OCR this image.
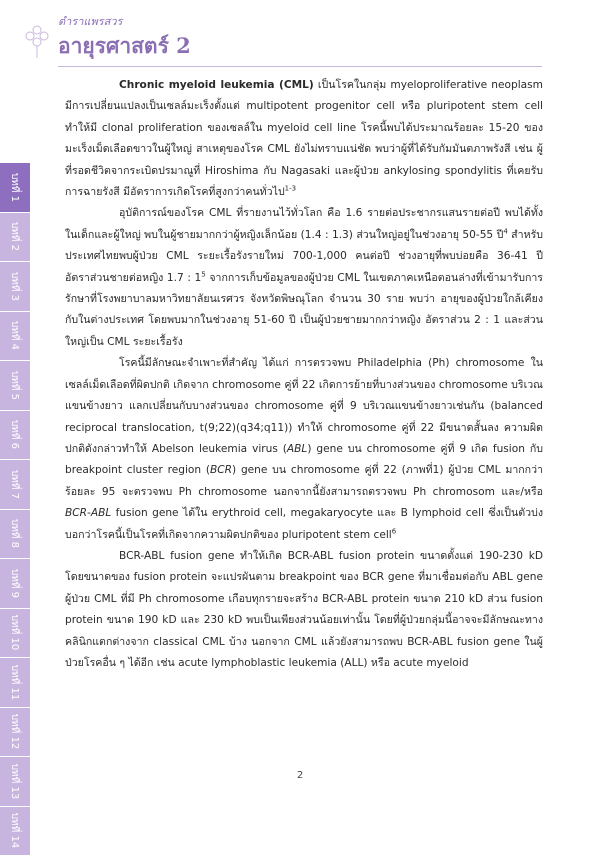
ตำราแพรสวร
อายุรศาสตร์ 2
บทที่ 1
บทที่ 2
บทที่ 3
บทที่ 4
บทที่ 5
บทที่ 6
บทที่ 7
บทที่ 8
บทที่ 9
บทที่ 10
บทที่ 11
บทที่ 12
บทที่ 13
บทที่ 14

Chronic myeloid leukemia (CML) เป็นโรคในกลุ่ม myeloproliferative neoplasm มีการเปลี่ยนแปลงเป็นเซลล์มะเร็งตั้งแต่ multipotent progenitor cell หรือ pluripotent stem cell ทำให้มี clonal proliferation ของเซลล์ใน myeloid cell line โรคนี้พบได้ประมาณร้อยละ 15-20 ของมะเร็งเม็ดเลือดขาวในผู้ใหญ่ สาเหตุของโรค CML ยังไม่ทราบแน่ชัด พบว่าผู้ที่ได้รับกัมมันตภาพรังสี เช่น ผู้ที่รอดชีวิตจากระเบิดปรมาณูที่ Hiroshima กับ Nagasaki และผู้ป่วย ankylosing spondylitis ที่เคยรับการฉายรังสี มีอัตราการเกิดโรคที่สูงกว่าคนทั่วไป$^{1-3}$

อุบัติการณ์ของโรค CML ที่รายงานไว้ทั่วโลก คือ 1.6 รายต่อประชากรแสนรายต่อปี พบได้ทั้งในเด็กและผู้ใหญ่ พบในผู้ชายมากกว่าผู้หญิงเล็กน้อย (1.4 : 1.3) ส่วนใหญ่อยู่ในช่วงอายุ 50-55 ปี$^4$ สำหรับประเทศไทยพบผู้ป่วย CML ระยะเรื้อรังรายใหม่ 700-1,000 คนต่อปี ช่วงอายุที่พบบ่อยคือ 36-41 ปี อัตราส่วนชายต่อหญิง 1.7 : $1^5$ จากการเก็บข้อมูลของผู้ป่วย CML ในเขตภาคเหนือตอนล่างที่เข้ามารับการรักษาที่โรงพยาบาลมหาวิทยาลัยนเรศวร จังหวัดพิษณุโลก จำนวน 30 ราย พบว่า อายุของผู้ป่วยใกล้เคียงกับในต่างประเทศ โดยพบมากในช่วงอายุ 51-60 ปี เป็นผู้ป่วยชายมากกว่าหญิง อัตราส่วน 2 : 1 และส่วนใหญ่เป็น CML ระยะเรื้อรัง

โรคนี้มีลักษณะจำเพาะที่สำคัญ ได้แก่ การตรวจพบ Philadelphia (Ph) chromosome ในเซลล์เม็ดเลือดที่ผิดปกติ เกิดจาก chromosome คู่ที่ 22 เกิดการย้ายที่บางส่วนของ chromosome บริเวณแขนข้างยาว แลกเปลี่ยนกับบางส่วนของ chromosome คู่ที่ 9 บริเวณแขนข้างยาวเช่นกัน (balanced reciprocal translocation, t(9;22)(q34;q11)) ทำให้ chromosome คู่ที่ 22 มีขนาดสั้นลง ความผิดปกติดังกล่าวทำให้ Abelson leukemia virus (ABL) gene บน chromosome คู่ที่ 9 เกิด fusion กับ breakpoint cluster region (BCR) gene บน chromosome คู่ที่ 22 (ภาพที่1) ผู้ป่วย CML มากกว่าร้อยละ 95 จะตรวจพบ Ph chromosome นอกจากนี้ยังสามารถตรวจพบ Ph chromosom และ/หรือ BCR-ABL fusion gene ได้ใน erythroid cell, megakaryocyte และ B lymphoid cell ซึ่งเป็นตัวบ่งบอกว่าโรคนี้เป็นโรคที่เกิดจากความผิดปกติของ pluripotent stem cell$^6$

BCR-ABL fusion gene ทำให้เกิด BCR-ABL fusion protein ขนาดตั้งแต่ 190-230 kD โดยขนาดของ fusion protein จะแปรผันตาม breakpoint ของ BCR gene ที่มาเชื่อมต่อกับ ABL gene ผู้ป่วย CML ที่มี Ph chromosome เกือบทุกรายจะสร้าง BCR-ABL protein ขนาด 210 kD ส่วน fusion protein ขนาด 190 kD และ 230 kD พบเป็นเพียงส่วนน้อยเท่านั้น โดยที่ผู้ป่วยกลุ่มนี้อาจจะมีลักษณะทางคลินิกแตกต่างจาก classical CML บ้าง นอกจาก CML แล้วยังสามารถพบ BCR-ABL fusion gene ในผู้ป่วยโรคอื่น ๆ ได้อีก เช่น acute lymphoblastic leukemia (ALL) หรือ acute myeloid

2
